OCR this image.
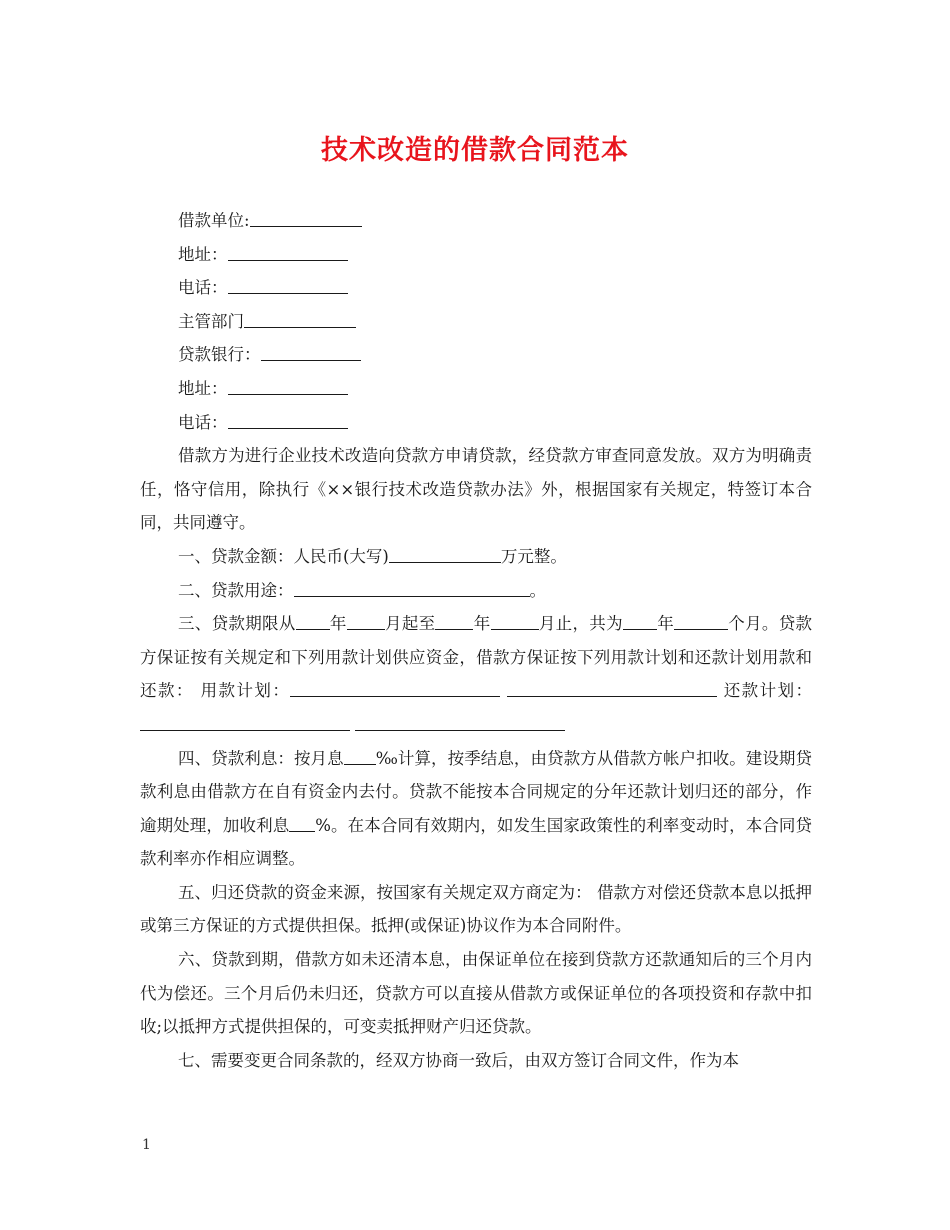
技术改造的借款合同范本
借款单位:
地址：
电话：
主管部门
贷款银行：
地址：
电话：
借款方为进行企业技术改造向贷款方申请贷款，经贷款方审查同意发放。双方为明确责任，恪守信用，除执行《××银行技术改造贷款办法》外，根据国家有关规定，特签订本合同，共同遵守。
一、贷款金额：人民币(大写)	万元整。
二、贷款用途：	。
三、贷款期限从 年 月起至 年	月止，共为 年	个月。贷款方保证按有关规定和下列用款计划供应资金，借款方保证按下列用款计划和还款计划用款和还款： 用款计划：	还款计划：
四、贷款利息：按月息 ‰计算，按季结息，由贷款方从借款方帐户扣收。建设期贷款利息由借款方在自有资金内去付。贷款不能按本合同规定的分年还款计划归还的部分，作逾期处理，加收利息 %。在本合同有效期内，如发生国家政策性的利率变动时，本合同贷款利率亦作相应调整。
五、归还贷款的资金来源，按国家有关规定双方商定为： 借款方对偿还贷款本息以抵押或第三方保证的方式提供担保。抵押(或保证)协议作为本合同附件。
六、贷款到期，借款方如未还清本息，由保证单位在接到贷款方还款通知后的三个月内代为偿还。三个月后仍未归还，贷款方可以直接从借款方或保证单位的各项投资和存款中扣收;以抵押方式提供担保的，可变卖抵押财产归还贷款。
七、需要变更合同条款的，经双方协商一致后，由双方签订合同文件，作为本
1
